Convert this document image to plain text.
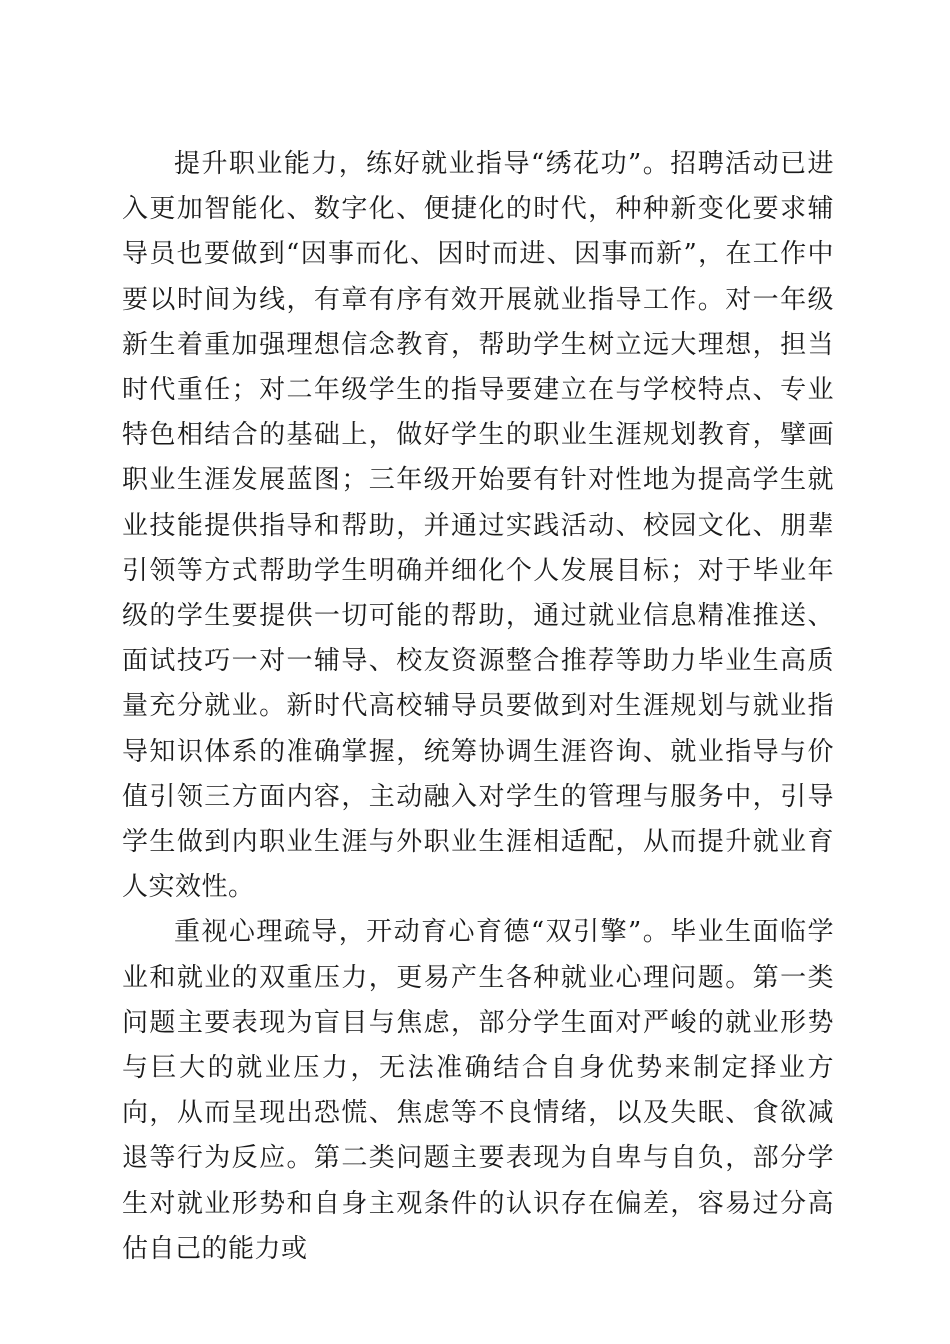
提升职业能力，练好就业指导“绣花功”。招聘活动已进入更加智能化、数字化、便捷化的时代，种种新变化要求辅导员也要做到“因事而化、因时而进、因事而新”，在工作中要以时间为线，有章有序有效开展就业指导工作。对一年级新生着重加强理想信念教育，帮助学生树立远大理想，担当时代重任；对二年级学生的指导要建立在与学校特点、专业特色相结合的基础上，做好学生的职业生涯规划教育，擘画职业生涯发展蓝图；三年级开始要有针对性地为提高学生就业技能提供指导和帮助，并通过实践活动、校园文化、朋辈引领等方式帮助学生明确并细化个人发展目标；对于毕业年级的学生要提供一切可能的帮助，通过就业信息精准推送、面试技巧一对一辅导、校友资源整合推荐等助力毕业生高质量充分就业。新时代高校辅导员要做到对生涯规划与就业指导知识体系的准确掌握，统筹协调生涯咨询、就业指导与价值引领三方面内容，主动融入对学生的管理与服务中，引导学生做到内职业生涯与外职业生涯相适配，从而提升就业育人实效性。

重视心理疏导，开动育心育德“双引擎”。毕业生面临学业和就业的双重压力，更易产生各种就业心理问题。第一类问题主要表现为盲目与焦虑，部分学生面对严峻的就业形势与巨大的就业压力，无法准确结合自身优势来制定择业方向，从而呈现出恐慌、焦虑等不良情绪，以及失眠、食欲减退等行为反应。第二类问题主要表现为自卑与自负，部分学生对就业形势和自身主观条件的认识存在偏差，容易过分高估自己的能力或
